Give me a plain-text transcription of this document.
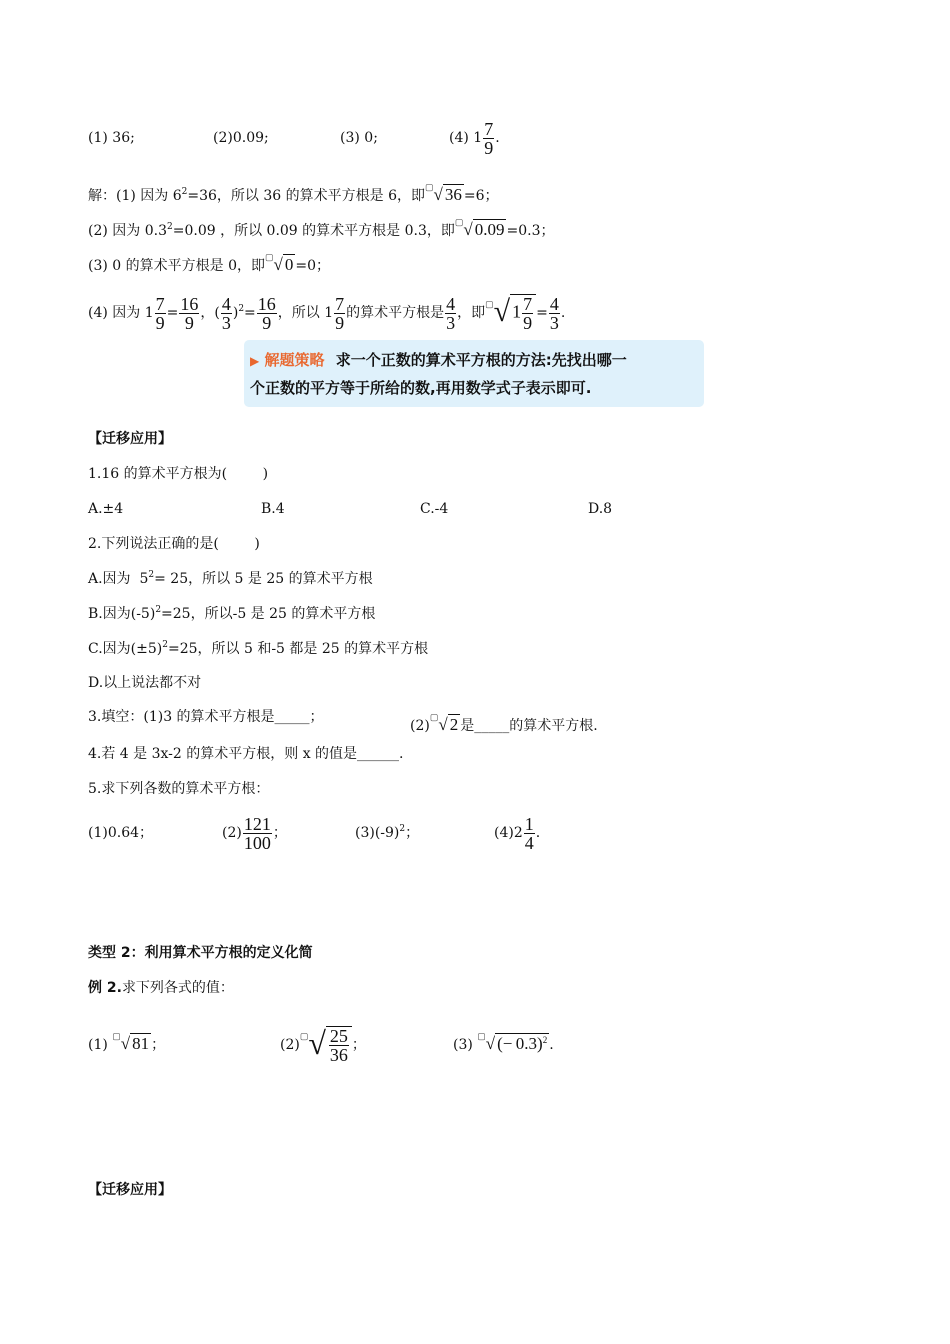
(1) 36;	(2)0.09;	(3) 0;	(4) $1 \frac{7}{9}$ .
解：(1) 因为 $6^2=36$，所以 36 的算术平方根是 6，即▢√ 36 =6；
(2) 因为 $0.3^2=0.09$ ，所以 0.09 的算术平方根是 0.3，即▢√ 0.09 =0.3；
(3) 0 的算术平方根是 0，即▢√ 0 =0；
(4) 因为 $1 \frac{7}{9} = \frac{16}{9}$ ，( $\frac{4}{3} )^2= \frac{16}{9}$ ，所以 $1 \frac{7}{9}$ 的算术平方根是 $\frac{4}{3}$ ，即▢√ $1 \frac{7}{9} = \frac{4}{3}$ .
▶ 解题策略 求一个正数的算术平方根的方法:先找出哪一
个正数的平方等于所给的数,再用数学式子表示即可.
【迁移应用】
1.16 的算术平方根为(        )
A.±4	B.4	C.-4	D.8
2.下列说法正确的是(        )
A.因为  $5^2= 25$，所以 5 是 25 的算术平方根
B.因为$(-5)^2=25$，所以-5 是 25 的算术平方根
C.因为$(\pm 5)^2=25$，所以 5 和-5 都是 25 的算术平方根
D.以上说法都不对
3.填空：(1)3 的算术平方根是_____；
(2)▢√ 2 是_____的算术平方根.
4.若 4 是 3x-2 的算术平方根，则 x 的值是______.
5.求下列各数的算术平方根：
(1)0.64；	$(2) \frac{121}{100}$ ；	$(3)(-9)^2$；	$(4)2 \frac{1}{4}$ .
类型 2：利用算术平方根的定义化简
例 2.求下列各式的值：
(1) ▢√ 81 ；	$(2)^▢√ \frac{25}{36}$ ；	(3) ▢√ (− 0.3)$^2$ .
【迁移应用】
